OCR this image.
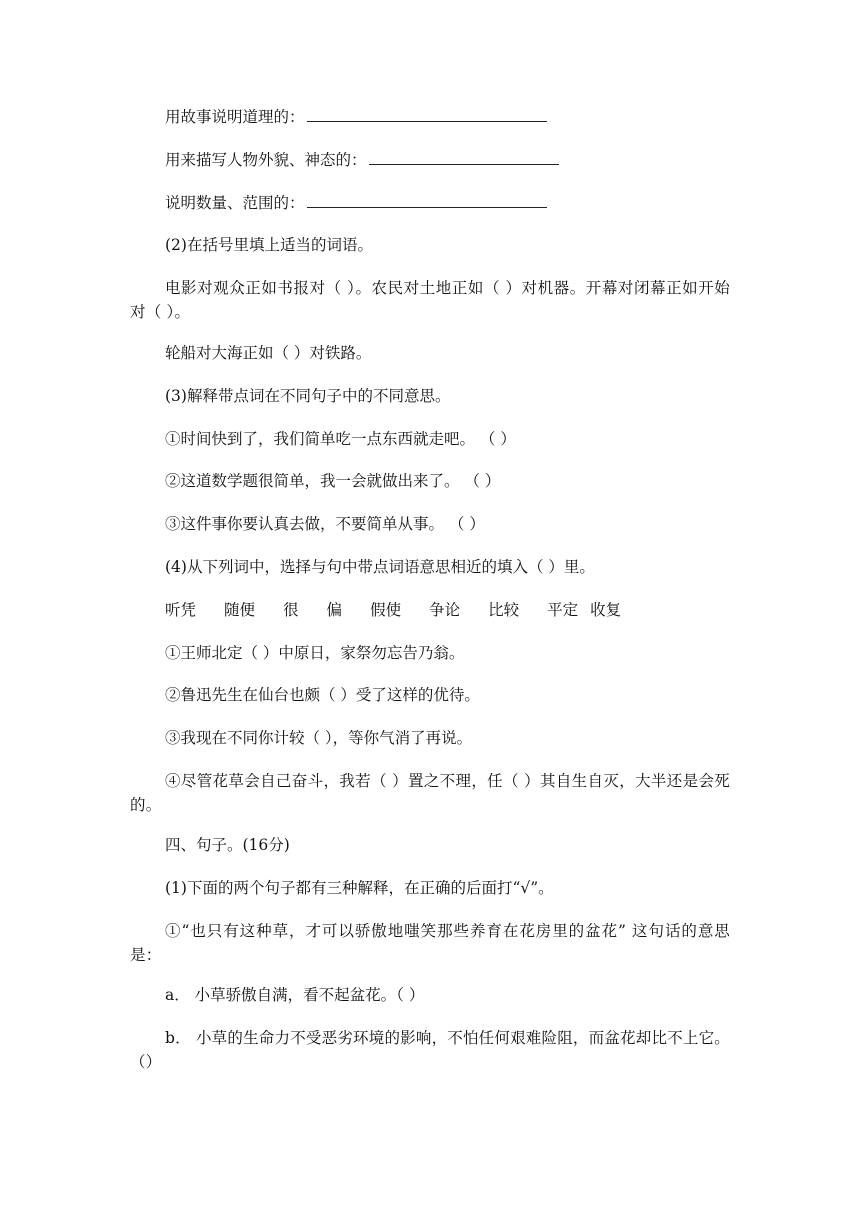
用故事说明道理的：
用来描写人物外貌、神态的：
说明数量、范围的：
(2)在括号里填上适当的词语。
电影对观众正如书报对（ ）。农民对土地正如（ ）对机器。开幕对闭幕正如开始对（ ）。
轮船对大海正如（ ）对铁路。
(3)解释带点词在不同句子中的不同意思。
①时间快到了，我们简单吃一点东西就走吧。 （ ）
②这道数学题很简单，我一会就做出来了。 （ ）
③这件事你要认真去做，不要简单从事。 （ ）
(4)从下列词中，选择与句中带点词语意思相近的填入（ ）里。
听凭 随便 很 偏 假使 争论 比较 平定 收复
①王师北定（ ）中原日，家祭勿忘告乃翁。
②鲁迅先生在仙台也颇（ ）受了这样的优待。
③我现在不同你计较（ ），等你气消了再说。
④尽管花草会自己奋斗，我若（ ）置之不理，任（ ）其自生自灭，大半还是会死的。
四、句子。(16分)
(1)下面的两个句子都有三种解释，在正确的后面打“√”。
①“也只有这种草，才可以骄傲地嗤笑那些养育在花房里的盆花” 这句话的意思是：
a． 小草骄傲自满，看不起盆花。（ ）
b． 小草的生命力不受恶劣环境的影响，不怕任何艰难险阻，而盆花却比不上它。（）
